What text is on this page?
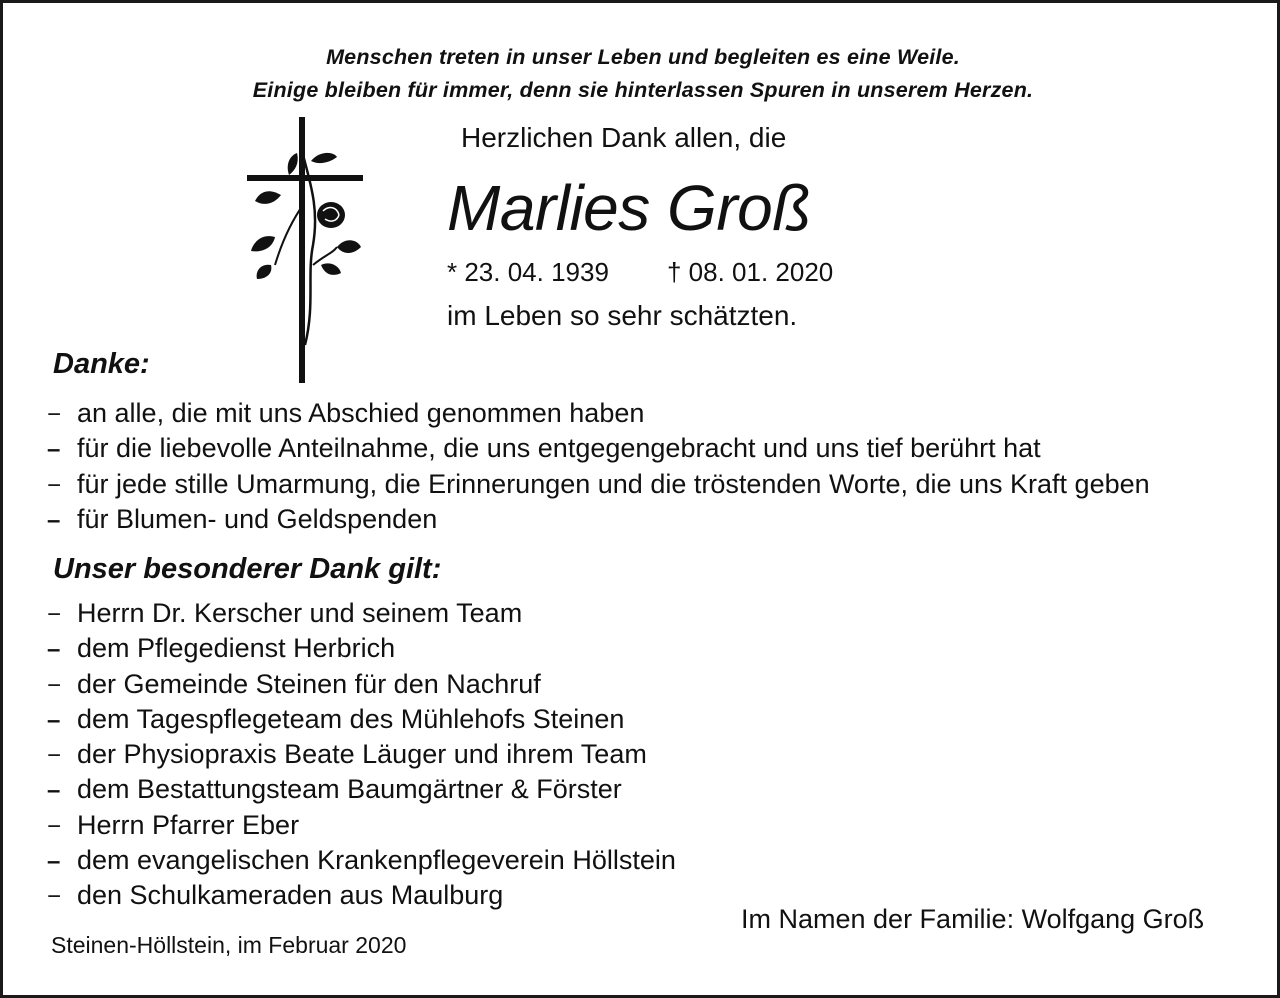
Menschen treten in unser Leben und begleiten es eine Weile.
Einige bleiben für immer, denn sie hinterlassen Spuren in unserem Herzen.
Herzlichen Dank allen, die
Marlies Groß
* 23. 04. 1939 † 08. 01. 2020
im Leben so sehr schätzten.
Danke:
− an alle, die mit uns Abschied genommen haben
– für die liebevolle Anteilnahme, die uns entgegengebracht und uns tief berührt hat
− für jede stille Umarmung, die Erinnerungen und die tröstenden Worte, die uns Kraft geben
– für Blumen- und Geldspenden
Unser besonderer Dank gilt:
− Herrn Dr. Kerscher und seinem Team
– dem Pflegedienst Herbrich
− der Gemeinde Steinen für den Nachruf
– dem Tagespflegeteam des Mühlehofs Steinen
− der Physiopraxis Beate Läuger und ihrem Team
– dem Bestattungsteam Baumgärtner & Förster
− Herrn Pfarrer Eber
– dem evangelischen Krankenpflegeverein Höllstein
− den Schulkameraden aus Maulburg
Steinen-Höllstein, im Februar 2020
Im Namen der Familie: Wolfgang Groß
